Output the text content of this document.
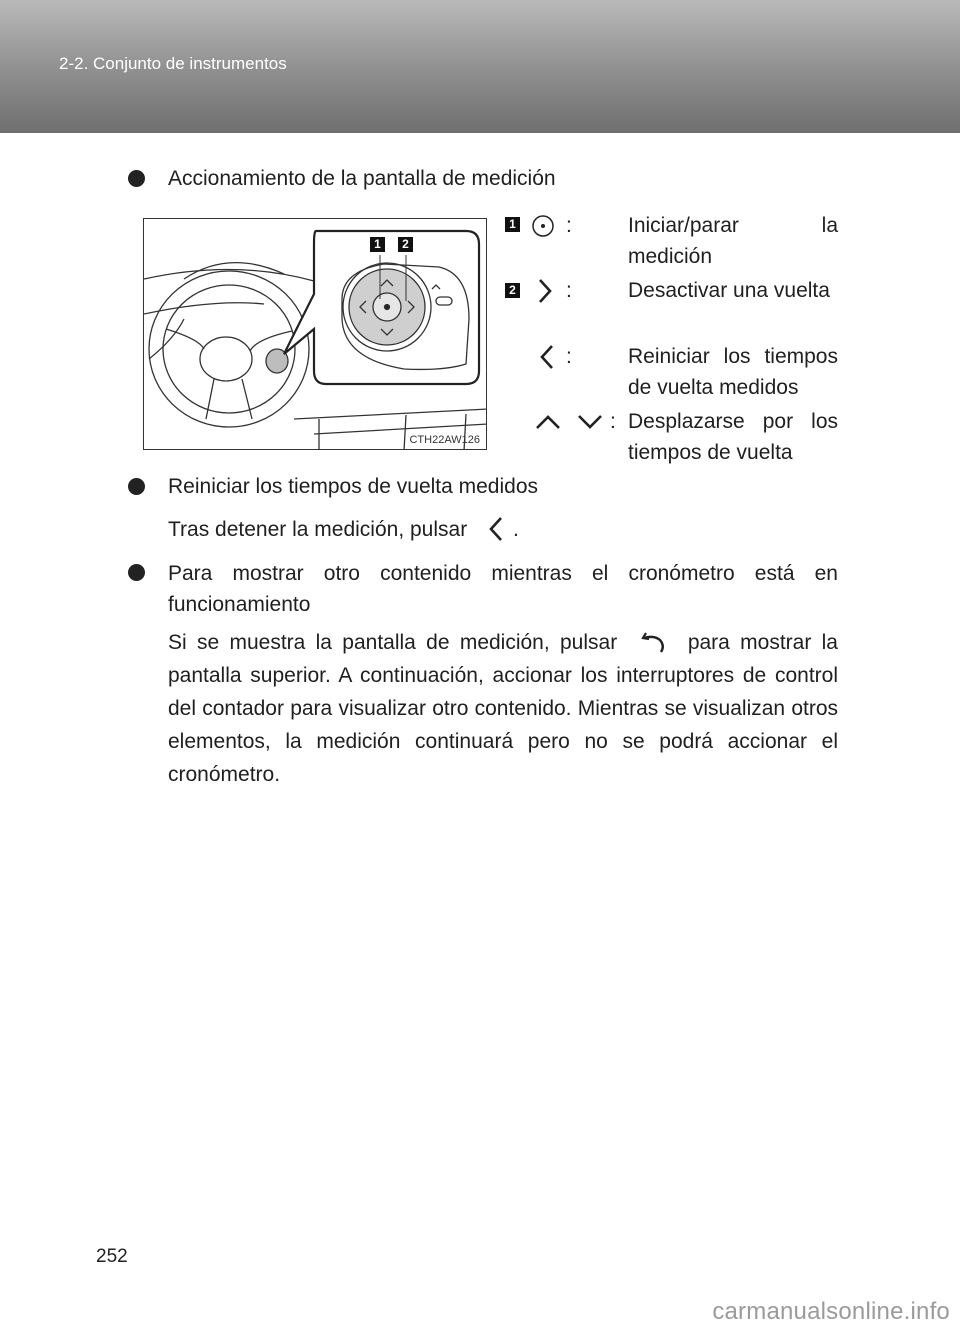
2-2. Conjunto de instrumentos
Accionamiento de la pantalla de medición
1	2
CTH22AW126
1 :	Iniciar/parar la medición
2 :	Desactivar una vuelta
:	Reiniciar los tiempos de vuelta medidos
: Desplazarse por los tiempos de vuelta
Reiniciar los tiempos de vuelta medidos
Tras detener la medición, pulsar .
Para mostrar otro contenido mientras el cronómetro está en funcionamiento
Si se muestra la pantalla de medición, pulsar	para mostrar la pantalla superior. A continuación, accionar los interruptores de control del contador para visualizar otro contenido. Mientras se visualizan otros elementos, la medición continuará pero no se podrá accionar el cronómetro.
252
carmanualsonline.info
